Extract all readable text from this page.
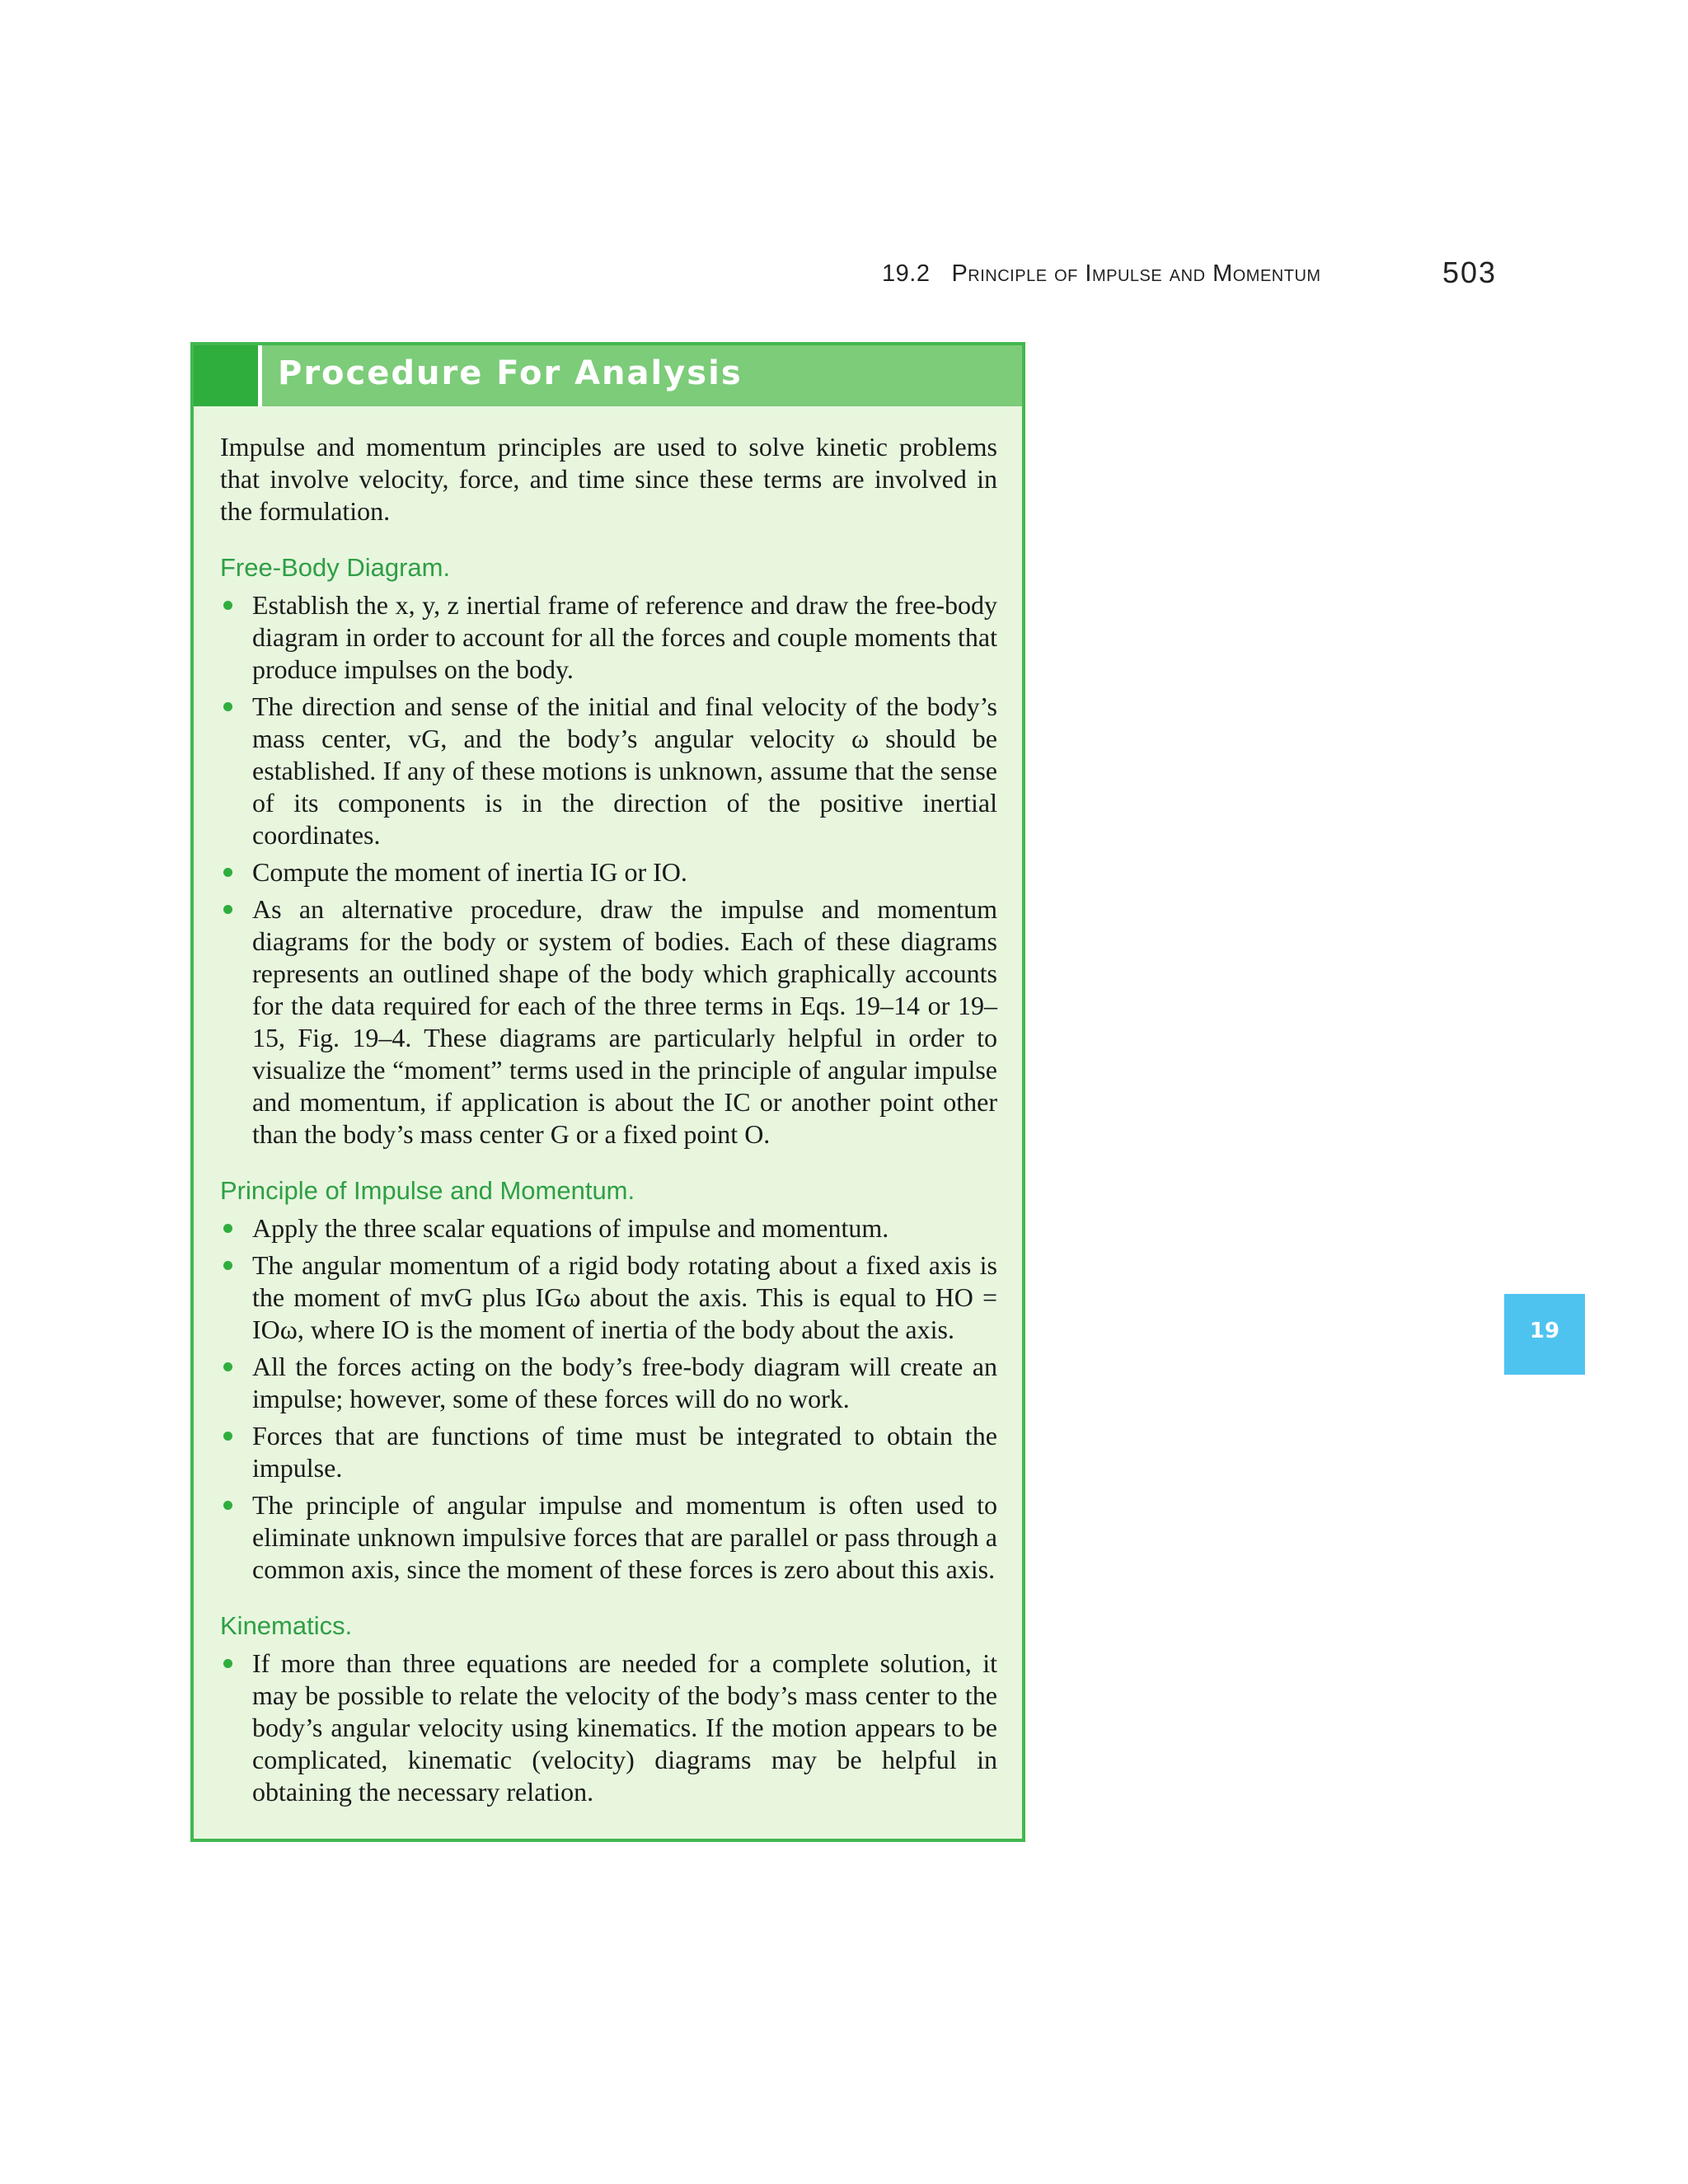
19.2 Principle of Impulse and Momentum	503
Procedure For Analysis

Impulse and momentum principles are used to solve kinetic problems that involve velocity, force, and time since these terms are involved in the formulation.

Free-Body Diagram.
Establish the x, y, z inertial frame of reference and draw the free-body diagram in order to account for all the forces and couple moments that produce impulses on the body.
The direction and sense of the initial and final velocity of the body’s mass center, vG, and the body’s angular velocity ω should be established. If any of these motions is unknown, assume that the sense of its components is in the direction of the positive inertial coordinates.
Compute the moment of inertia IG or IO.
As an alternative procedure, draw the impulse and momentum diagrams for the body or system of bodies. Each of these diagrams represents an outlined shape of the body which graphically accounts for the data required for each of the three terms in Eqs. 19–14 or 19–15, Fig. 19–4. These diagrams are particularly helpful in order to visualize the “moment” terms used in the principle of angular impulse and momentum, if application is about the IC or another point other than the body’s mass center G or a fixed point O.
Principle of Impulse and Momentum.
Apply the three scalar equations of impulse and momentum.
The angular momentum of a rigid body rotating about a fixed axis is the moment of mvG plus IGω about the axis. This is equal to HO = IOω, where IO is the moment of inertia of the body about the axis.
All the forces acting on the body’s free-body diagram will create an impulse; however, some of these forces will do no work.
Forces that are functions of time must be integrated to obtain the impulse.
The principle of angular impulse and momentum is often used to eliminate unknown impulsive forces that are parallel or pass through a common axis, since the moment of these forces is zero about this axis.
Kinematics.
If more than three equations are needed for a complete solution, it may be possible to relate the velocity of the body’s mass center to the body’s angular velocity using kinematics. If the motion appears to be complicated, kinematic (velocity) diagrams may be helpful in obtaining the necessary relation.
19
